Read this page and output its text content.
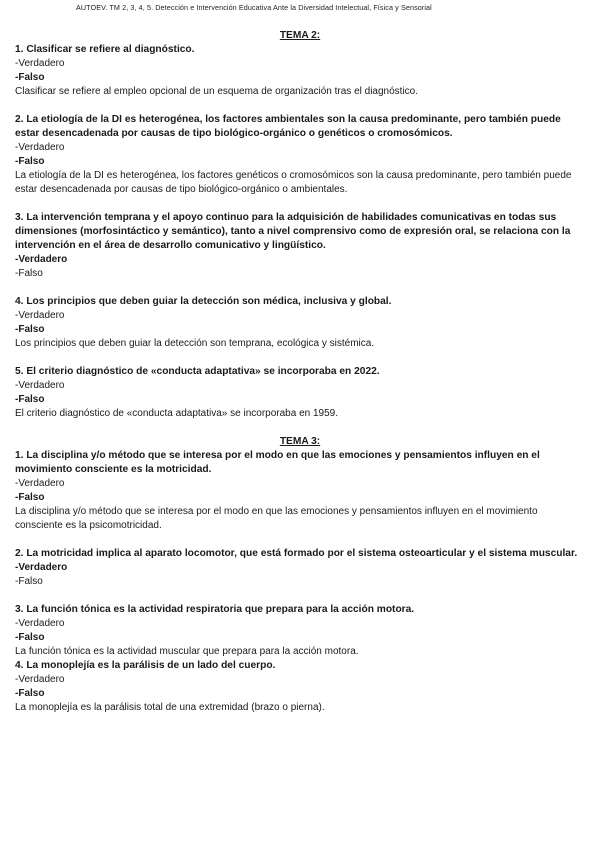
AUTOEV. TM 2, 3, 4, 5. Detección e Intervención Educativa Ante la Diversidad Intelectual, Física y Sensorial
TEMA 2:
1. Clasificar se refiere al diagnóstico.
-Verdadero
-Falso
Clasificar se refiere al empleo opcional de un esquema de organización tras el diagnóstico.
2. La etiología de la DI es heterogénea, los factores ambientales son la causa predominante, pero también puede estar desencadenada por causas de tipo biológico-orgánico o genéticos o cromosómicos.
-Verdadero
-Falso
La etiología de la DI es heterogénea, los factores genéticos o cromosómicos son la causa predominante, pero también puede estar desencadenada por causas de tipo biológico-orgánico o ambientales.
3. La intervención temprana y el apoyo continuo para la adquisición de habilidades comunicativas en todas sus dimensiones (morfosintáctico y semántico), tanto a nivel comprensivo como de expresión oral, se relaciona con la intervención en el área de desarrollo comunicativo y lingüístico.
-Verdadero
-Falso
4. Los principios que deben guiar la detección son médica, inclusiva y global.
-Verdadero
-Falso
Los principios que deben guiar la detección son temprana, ecológica y sistémica.
5. El criterio diagnóstico de «conducta adaptativa» se incorporaba en 2022.
-Verdadero
-Falso
El criterio diagnóstico de «conducta adaptativa» se incorporaba en 1959.
TEMA 3:
1. La disciplina y/o método que se interesa por el modo en que las emociones y pensamientos influyen en el movimiento consciente es la motricidad.
-Verdadero
-Falso
La disciplina y/o método que se interesa por el modo en que las emociones y pensamientos influyen en el movimiento consciente es la psicomotricidad.
2. La motricidad implica al aparato locomotor, que está formado por el sistema osteoarticular y el sistema muscular.
-Verdadero
-Falso
3. La función tónica es la actividad respiratoria que prepara para la acción motora.
-Verdadero
-Falso
La función tónica es la actividad muscular que prepara para la acción motora.
4. La monoplejía es la parálisis de un lado del cuerpo.
-Verdadero
-Falso
La monoplejía es la parálisis total de una extremidad (brazo o pierna).
